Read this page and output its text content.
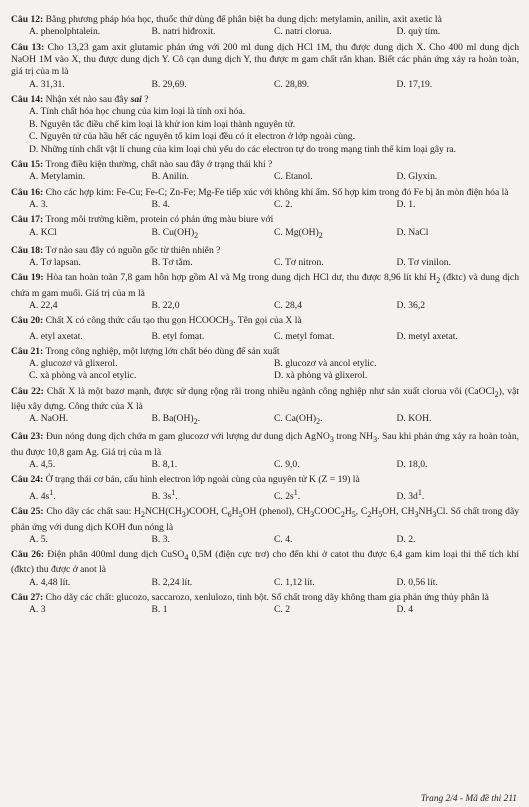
Câu 12: Bằng phương pháp hóa học, thuốc thử dùng để phân biệt ba dung dịch: metylamin, anilin, axit axetic là
A. phenolphtalein.	B. natri hiđroxit.	C. natri clorua.	D. quỳ tím.
Câu 13: Cho 13,23 gam axit glutamic phản ứng với 200 ml dung dịch HCl 1M, thu được dung dịch X. Cho 400 ml dung dịch NaOH 1M vào X, thu được dung dịch Y. Cô cạn dung dịch Y, thu được m gam chất rắn khan. Biết các phản ứng xảy ra hoàn toàn, giá trị của m là
A. 31,31.	B. 29,69.	C. 28,89.	D. 17,19.
Câu 14: Nhận xét nào sau đây sai ?
A. Tính chất hóa học chung của kim loại là tính oxi hóa.
B. Nguyên tắc điều chế kim loại là khử ion kim loại thành nguyên tử.
C. Nguyên tử của hầu hết các nguyên tố kim loại đều có ít electron ở lớp ngoài cùng.
D. Những tính chất vật lí chung của kim loại chủ yếu do các electron tự do trong mạng tinh thể kim loại gây ra.
Câu 15: Trong điều kiện thường, chất nào sau đây ở trạng thái khí ?
A. Metylamin.	B. Anilin.	C. Etanol.	D. Glyxin.
Câu 16: Cho các hợp kim: Fe-Cu; Fe-C; Zn-Fe; Mg-Fe tiếp xúc với không khí ẩm. Số hợp kim trong đó Fe bị ăn mòn điện hóa là
A. 3.	B. 4.	C. 2.	D. 1.
Câu 17: Trong môi trường kiềm, protein có phản ứng màu biure với
A. KCl	B. $Cu(OH)_2$	C. $Mg(OH)_2$	D. NaCl
Câu 18: Tơ nào sau đây có nguồn gốc từ thiên nhiên ?
A. Tơ lapsan.	B. Tơ tằm.	C. Tơ nitron.	D. Tơ vinilon.
Câu 19: Hòa tan hoàn toàn 7,8 gam hỗn hợp gồm Al và Mg trong dung dịch HCl dư, thu được 8,96 lít khí $H_2$ (đktc) và dung dịch chứa m gam muối. Giá trị của m là
A. 22,4	B. 22,0	C. 28,4	D. 36,2
Câu 20: Chất X có công thức cấu tạo thu gọn $HCOOCH_3$. Tên gọi của X là
A. etyl axetat.	B. etyl fomat.	C. metyl fomat.	D. metyl axetat.
Câu 21: Trong công nghiệp, một lượng lớn chất béo dùng để sản xuất
A. glucozơ và glixerol.	B. glucozơ và ancol etylic.
C. xà phòng và ancol etylic.	D. xà phòng và glixerol.
Câu 22: Chất X là một bazơ mạnh, được sử dụng rộng rãi trong nhiều ngành công nghiệp như sản xuất clorua vôi (CaOCl$_2$), vật liệu xây dựng. Công thức của X là
A. NaOH.	B. $Ba(OH)_2$.	C. $Ca(OH)_2$.	D. KOH.
Câu 23: Đun nóng dung dịch chứa m gam glucozơ với lượng dư dung dịch AgNO$_3$ trong $NH_3$. Sau khi phản ứng xảy ra hoàn toàn, thu được 10,8 gam Ag. Giá trị của m là
A. 4,5.	B. 8,1.	C. 9,0.	D. 18,0.
Câu 24: Ở trạng thái cơ bản, cấu hình electron lớp ngoài cùng của nguyên tử K (Z = 19) là
A. $4s^1$.	B. $3s^1$.	C. $2s^1$.	D. $3d^1$.
Câu 25: Cho dãy các chất sau: $H_2NCH(CH_3)COOH$, $C_6H_5OH$ (phenol), $CH_3COOC_2H_5$, $C_2H_5OH$, $CH_3NH_3Cl$. Số chất trong dãy phản ứng với dung dịch KOH đun nóng là
A. 5.	B. 3.	C. 4.	D. 2.
Câu 26: Điện phân 400ml dung dịch CuSO$_4$ 0,5M (điện cực trơ) cho đến khi ở catot thu được 6,4 gam kim loại thì thể tích khí (đktc) thu được ở anot là
A. 4,48 lít.	B. 2,24 lít.	C. 1,12 lít.	D. 0,56 lít.
Câu 27: Cho dãy các chất: glucozo, saccarozo, xenlulozo, tinh bột. Số chất trong dãy không tham gia phản ứng thủy phân là
A. 3	B. 1	C. 2	D. 4
Trang 2/4 - Mã đề thi 211
